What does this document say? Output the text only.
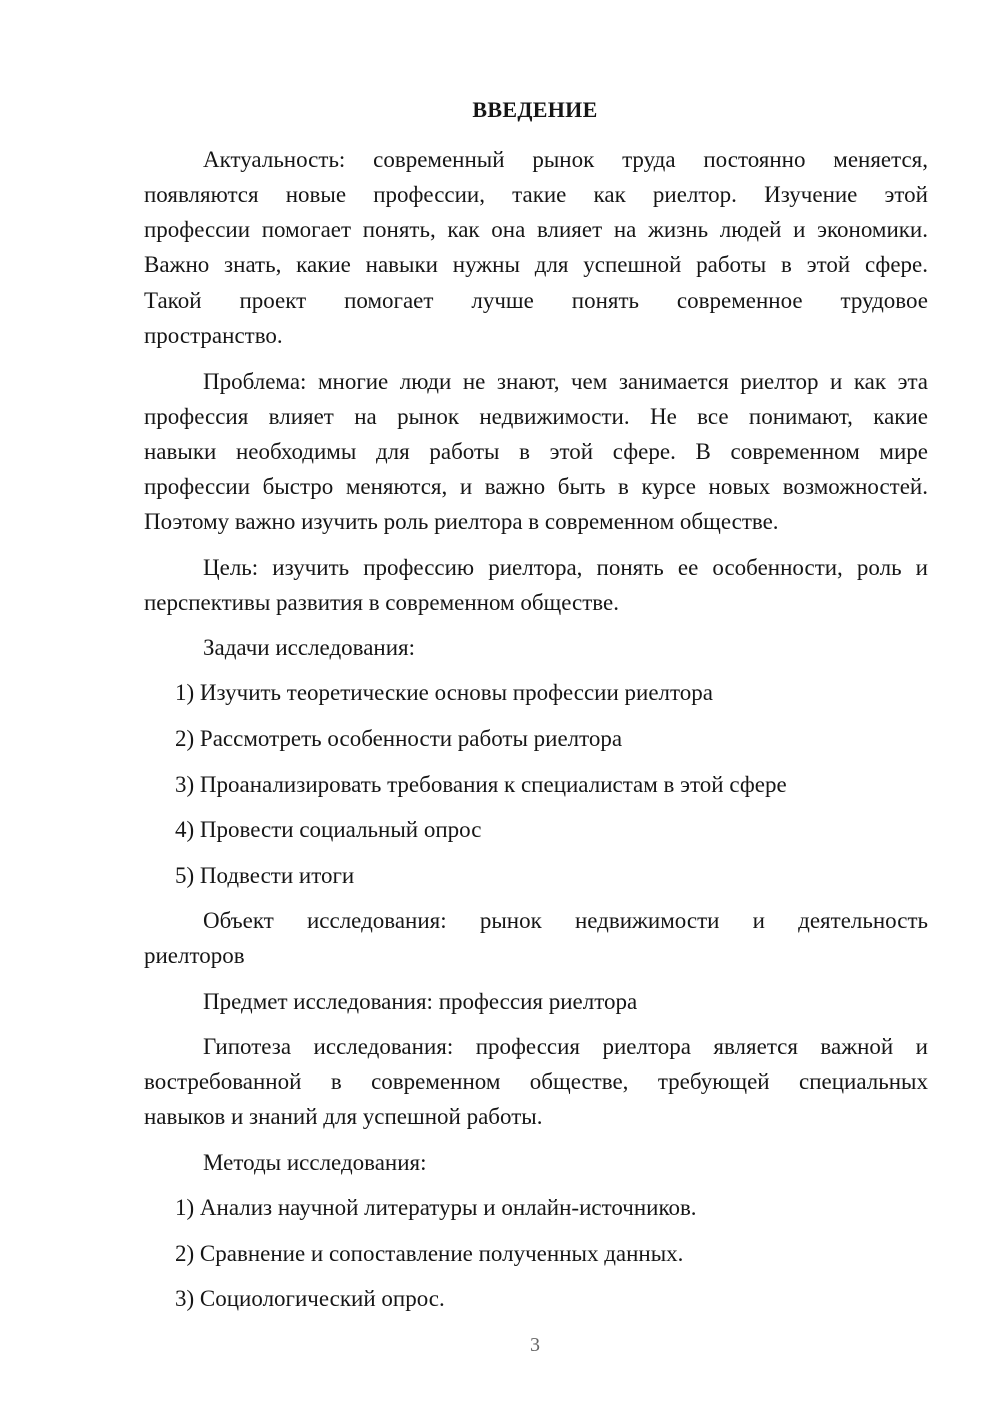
ВВЕДЕНИЕ
Актуальность: современный рынок труда постоянно меняется,
появляются новые профессии, такие как риелтор. Изучение этой
профессии помогает понять, как она влияет на жизнь людей и экономики.
Важно знать, какие навыки нужны для успешной работы в этой сфере.
Такой проект помогает лучше понять современное трудовое
пространство.
Проблема: многие люди не знают, чем занимается риелтор и как эта
профессия влияет на рынок недвижимости. Не все понимают, какие
навыки необходимы для работы в этой сфере. В современном мире
профессии быстро меняются, и важно быть в курсе новых возможностей.
Поэтому важно изучить роль риелтора в современном обществе.
Цель: изучить профессию риелтора, понять ее особенности, роль и
перспективы развития в современном обществе.
Задачи исследования:
1) Изучить теоретические основы профессии риелтора
2) Рассмотреть особенности работы риелтора
3) Проанализировать требования к специалистам в этой сфере
4) Провести социальный опрос
5) Подвести итоги
Объект исследования: рынок недвижимости и деятельность
риелторов
Предмет исследования: профессия риелтора
Гипотеза исследования: профессия риелтора является важной и
востребованной в современном обществе, требующей специальных
навыков и знаний для успешной работы.
Методы исследования:
1) Анализ научной литературы и онлайн-источников.
2) Сравнение и сопоставление полученных данных.
3) Социологический опрос.
3
